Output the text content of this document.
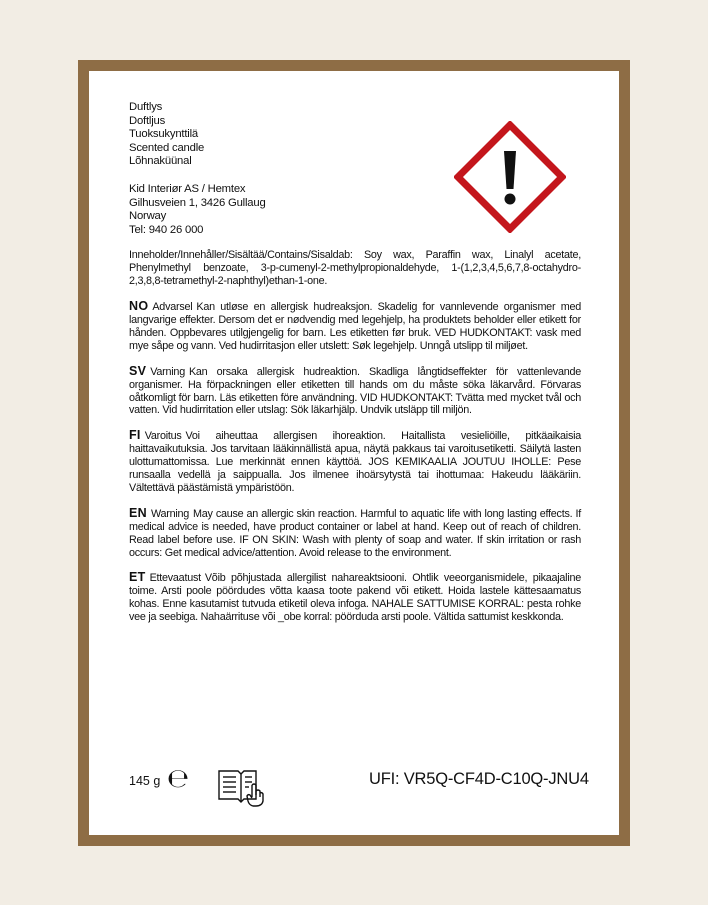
Duftlys
Doftljus
Tuoksukynttilä
Scented candle
Lõhnaküünal
Kid Interiør AS / Hemtex
Gilhusveien 1, 3426 Gullaug
Norway
Tel: 940 26 000

Inneholder/Innehåller/Sisältää/Contains/Sisaldab: Soy wax, Paraffin wax, Linalyl acetate, Phenylmethyl benzoate, 3-p-cumenyl-2-methylpropionaldehyde, 1-(1,2,3,4,5,6,7,8-octahydro-2,3,8,8-tetramethyl-2-naphthyl)ethan-1-one.

NO Advarsel Kan utløse en allergisk hudreaksjon. Skadelig for vannlevende organismer med langvarige effekter. Dersom det er nødvendig med legehjelp, ha produktets beholder eller etikett for hånden. Oppbevares utilgjengelig for barn. Les etiketten før bruk. VED HUDKONTAKT: vask med mye såpe og vann. Ved hudirritasjon eller utslett: Søk legehjelp. Unngå utslipp til miljøet.

SV Varning Kan orsaka allergisk hudreaktion. Skadliga långtidseffekter för vattenlevande organismer. Ha förpackningen eller etiketten till hands om du måste söka läkarvård. Förvaras oåtkomligt för barn. Läs etiketten före användning. VID HUDKONTAKT: Tvätta med mycket tvål och vatten. Vid hudirritation eller utslag: Sök läkarhjälp. Undvik utsläpp till miljön.

FI Varoitus Voi aiheuttaa allergisen ihoreaktion. Haitallista vesieliöille, pitkäaikaisia haittavaikutuksia. Jos tarvitaan lääkinnällistä apua, näytä pakkaus tai varoitusetiketti. Säilytä lasten ulottumattomissa. Lue merkinnät ennen käyttöä. JOS KEMIKAALIA JOUTUU IHOLLE: Pese runsaalla vedellä ja saippualla. Jos ilmenee ihoärsytystä tai ihottumaa: Hakeudu lääkäriin. Vältettävä päästämistä ympäristöön.

EN Warning May cause an allergic skin reaction. Harmful to aquatic life with long lasting effects. If medical advice is needed, have product container or label at hand. Keep out of reach of children. Read label before use. IF ON SKIN: Wash with plenty of soap and water. If skin irritation or rash occurs: Get medical advice/attention. Avoid release to the environment.

ET Ettevaatust Võib põhjustada allergilist nahareaktsiooni. Ohtlik veeorganismidele, pikaajaline toime. Arsti poole pöördudes võtta kaasa toote pakend või etikett. Hoida lastele kättesaamatus kohas. Enne kasutamist tutvuda etiketil oleva infoga. NAHALE SATTUMISE KORRAL: pesta rohke vee ja seebiga. Nahaärrituse või _obe korral: pöörduda arsti poole. Vältida sattumist keskkonda.

145 g ℮	UFI: VR5Q-CF4D-C10Q-JNU4
